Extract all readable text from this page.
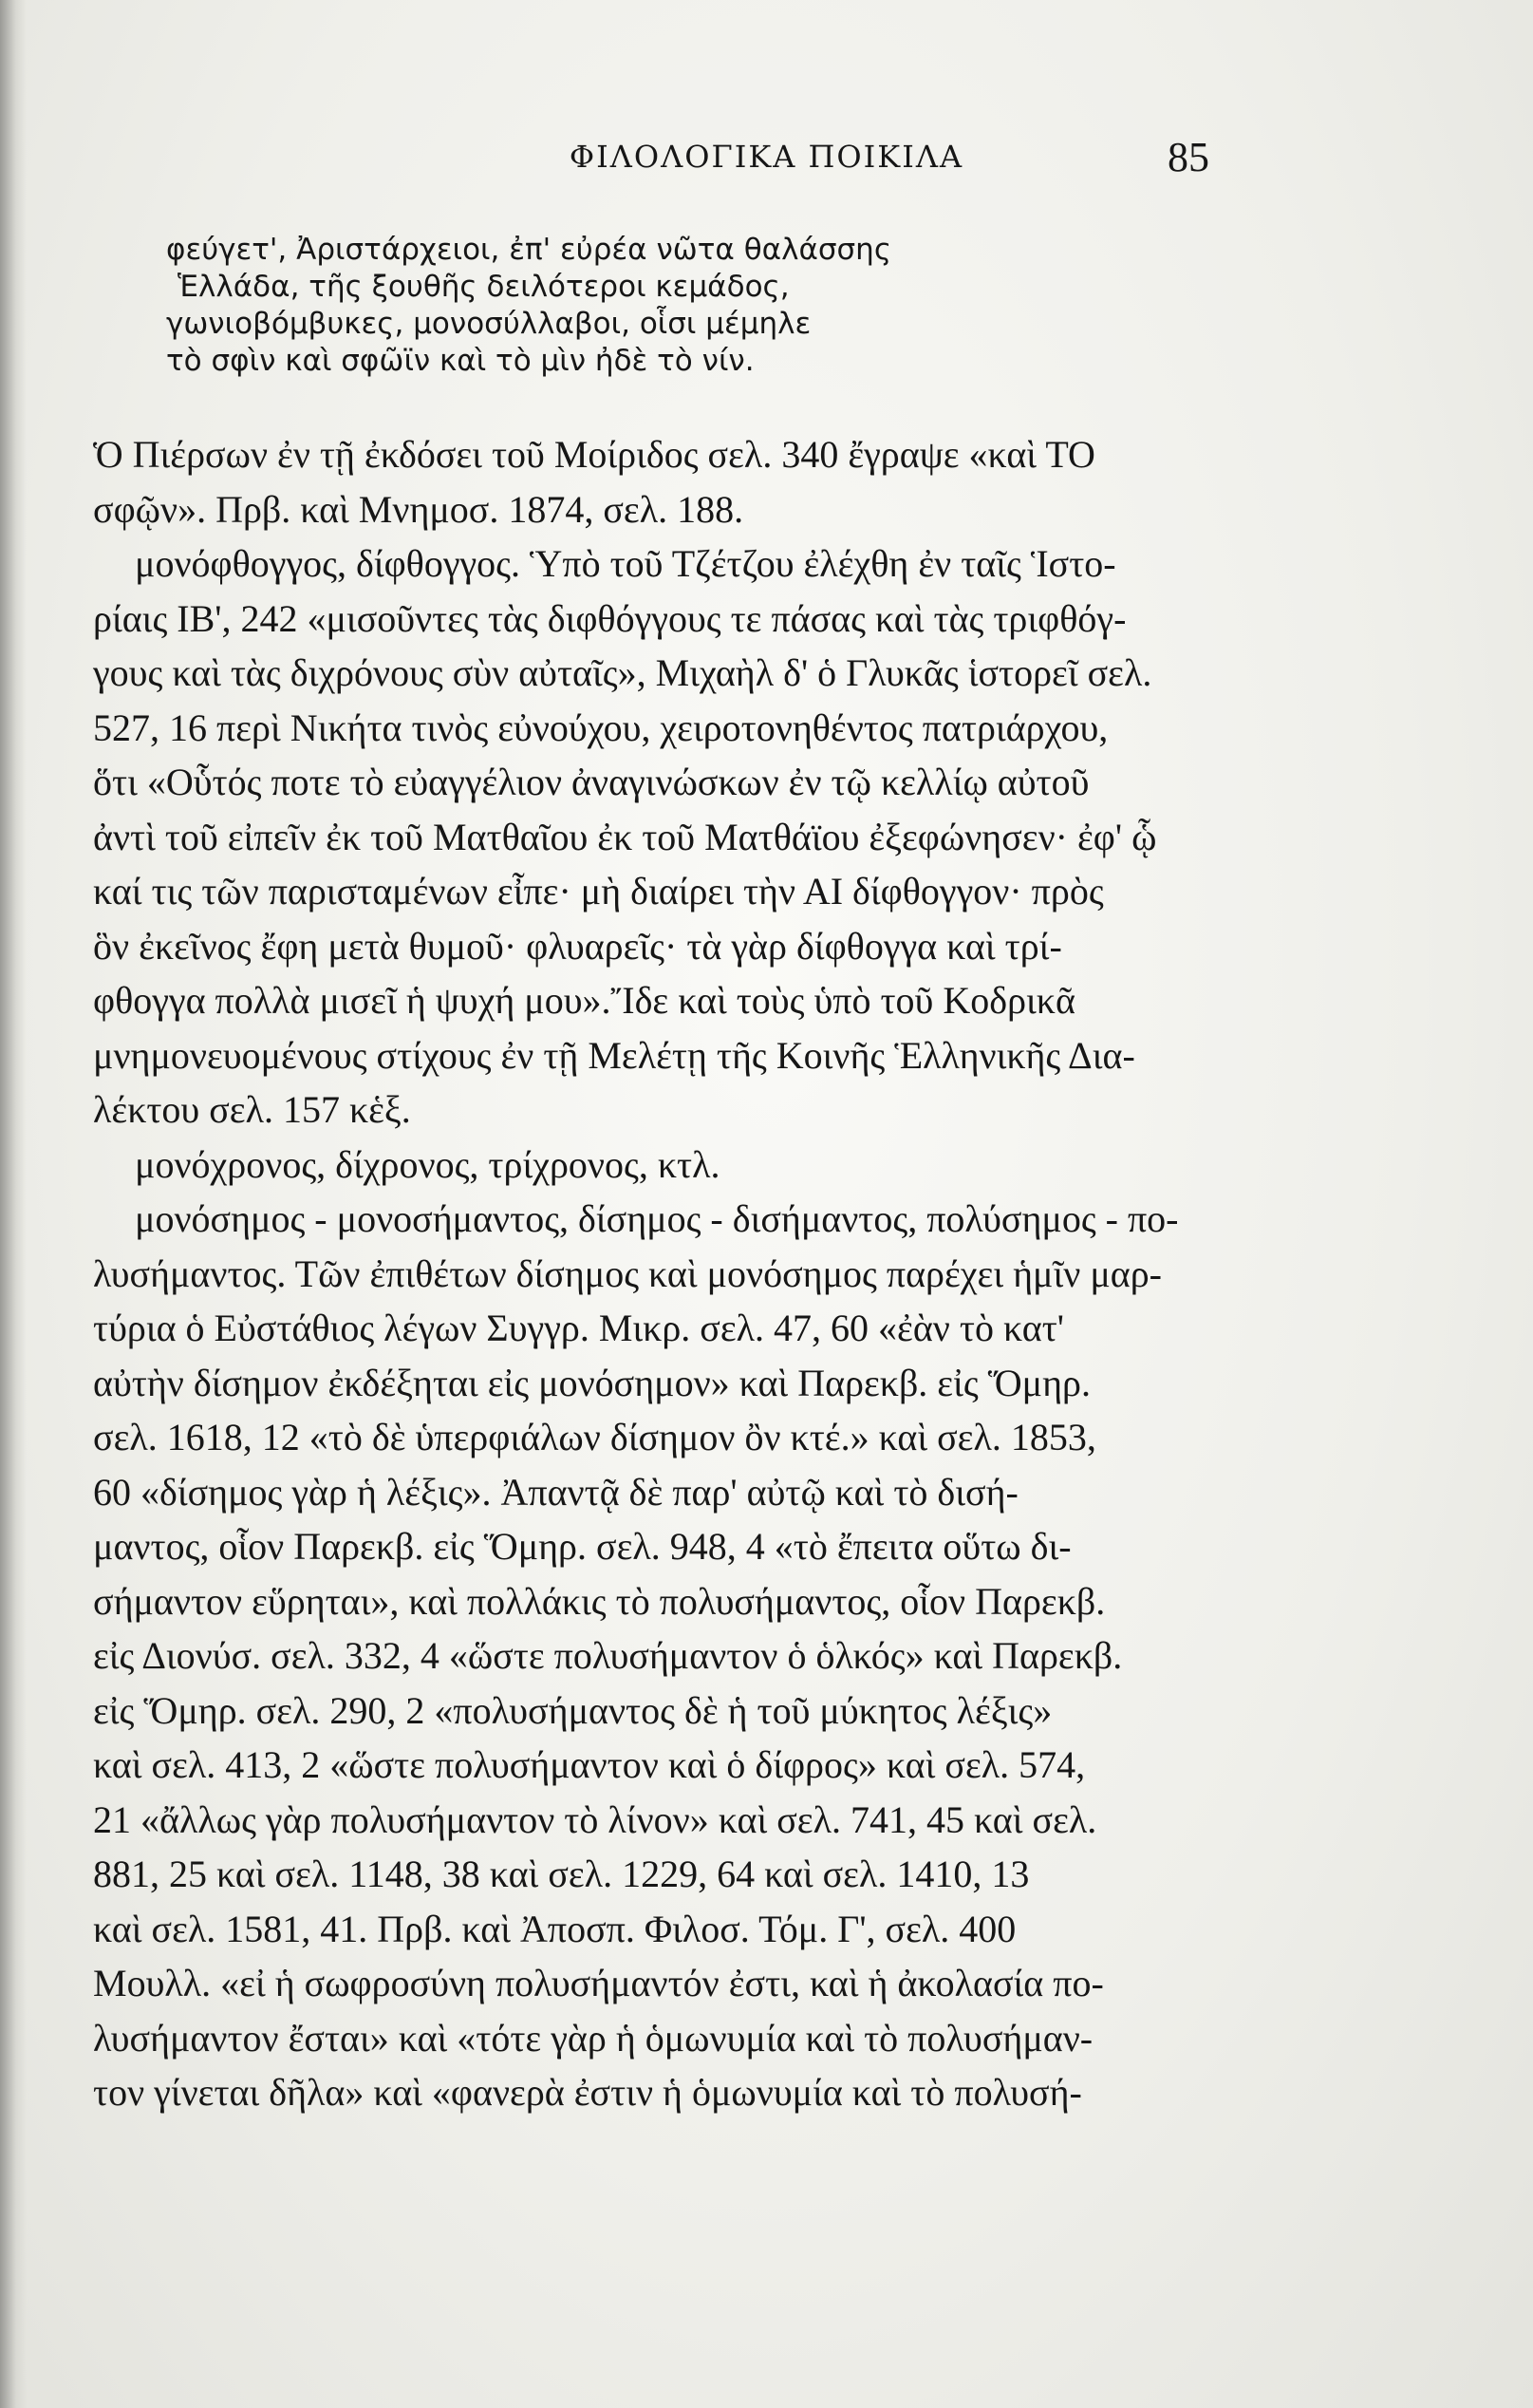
ΦΙΛΟΛΟΓΙΚΑ ΠΟΙΚΙΛΑ	85
φεύγετ', Ἀριστάρχειοι, ἐπ' εὐρέα νῶτα θαλάσσης
Ἑλλάδα, τῆς ξουθῆς δειλότεροι κεμάδος,
γωνιοβόμβυκες, μονοσύλλαβοι, οἷσι μέμηλε
τὸ σφὶν καὶ σφῶϊν καὶ τὸ μὶν ἠδὲ τὸ νίν.
Ὁ Πιέρσων ἐν τῇ ἐκδόσει τοῦ Μοίριδος σελ. 340 ἔγραψε «καὶ ΤΟ
σφῷν». Πρβ. καὶ Μνημοσ. 1874, σελ. 188.
μονόφθογγος, δίφθογγος. Ὑπὸ τοῦ Τζέτζου ἐλέχθη ἐν ταῖς Ἱστο-
ρίαις ΙΒ', 242 «μισοῦντες τὰς διφθόγγους τε πάσας καὶ τὰς τριφθόγ-
γους καὶ τὰς διχρόνους σὺν αὐταῖς», Μιχαὴλ δ' ὁ Γλυκᾶς ἱστορεῖ σελ.
527, 16 περὶ Νικήτα τινὸς εὐνούχου, χειροτονηθέντος πατριάρχου,
ὅτι «Οὗτός ποτε τὸ εὐαγγέλιον ἀναγινώσκων ἐν τῷ κελλίῳ αὐτοῦ
ἀντὶ τοῦ εἰπεῖν ἐκ τοῦ Ματθαῖου ἐκ τοῦ Ματθάϊου ἐξεφώνησεν· ἐφ' ᾧ
καί τις τῶν παρισταμένων εἶπε· μὴ διαίρει τὴν ΑΙ δίφθογγον· πρὸς
ὃν ἐκεῖνος ἔφη μετὰ θυμοῦ· φλυαρεῖς· τὰ γὰρ δίφθογγα καὶ τρί-
φθογγα πολλὰ μισεῖ ἡ ψυχή μου».Ἴδε καὶ τοὺς ὑπὸ τοῦ Κοδρικᾶ
μνημονευομένους στίχους ἐν τῇ Μελέτῃ τῆς Κοινῆς Ἑλληνικῆς Δια-
λέκτου σελ. 157 κἑξ.
μονόχρονος, δίχρονος, τρίχρονος, κτλ.
μονόσημος - μονοσήμαντος, δίσημος - δισήμαντος, πολύσημος - πο-
λυσήμαντος. Τῶν ἐπιθέτων δίσημος καὶ μονόσημος παρέχει ἡμῖν μαρ-
τύρια ὁ Εὐστάθιος λέγων Συγγρ. Μικρ. σελ. 47, 60 «ἐὰν τὸ κατ'
αὐτὴν δίσημον ἐκδέξηται εἰς μονόσημον» καὶ Παρεκβ. εἰς Ὅμηρ.
σελ. 1618, 12 «τὸ δὲ ὑπερφιάλων δίσημον ὂν κτέ.» καὶ σελ. 1853,
60 «δίσημος γὰρ ἡ λέξις». Ἀπαντᾷ δὲ παρ' αὐτῷ καὶ τὸ δισή-
μαντος, οἷον Παρεκβ. εἰς Ὅμηρ. σελ. 948, 4 «τὸ ἔπειτα οὕτω δι-
σήμαντον εὕρηται», καὶ πολλάκις τὸ πολυσήμαντος, οἷον Παρεκβ.
εἰς Διονύσ. σελ. 332, 4 «ὥστε πολυσήμαντον ὁ ὁλκός» καὶ Παρεκβ.
εἰς Ὅμηρ. σελ. 290, 2 «πολυσήμαντος δὲ ἡ τοῦ μύκητος λέξις»
καὶ σελ. 413, 2 «ὥστε πολυσήμαντον καὶ ὁ δίφρος» καὶ σελ. 574,
21 «ἄλλως γὰρ πολυσήμαντον τὸ λίνον» καὶ σελ. 741, 45 καὶ σελ.
881, 25 καὶ σελ. 1148, 38 καὶ σελ. 1229, 64 καὶ σελ. 1410, 13
καὶ σελ. 1581, 41. Πρβ. καὶ Ἀποσπ. Φιλοσ. Τόμ. Γ', σελ. 400
Μουλλ. «εἰ ἡ σωφροσύνη πολυσήμαντόν ἐστι, καὶ ἡ ἀκολασία πο-
λυσήμαντον ἔσται» καὶ «τότε γὰρ ἡ ὁμωνυμία καὶ τὸ πολυσήμαν-
τον γίνεται δῆλα» καὶ «φανερὰ ἐστιν ἡ ὁμωνυμία καὶ τὸ πολυσή-
